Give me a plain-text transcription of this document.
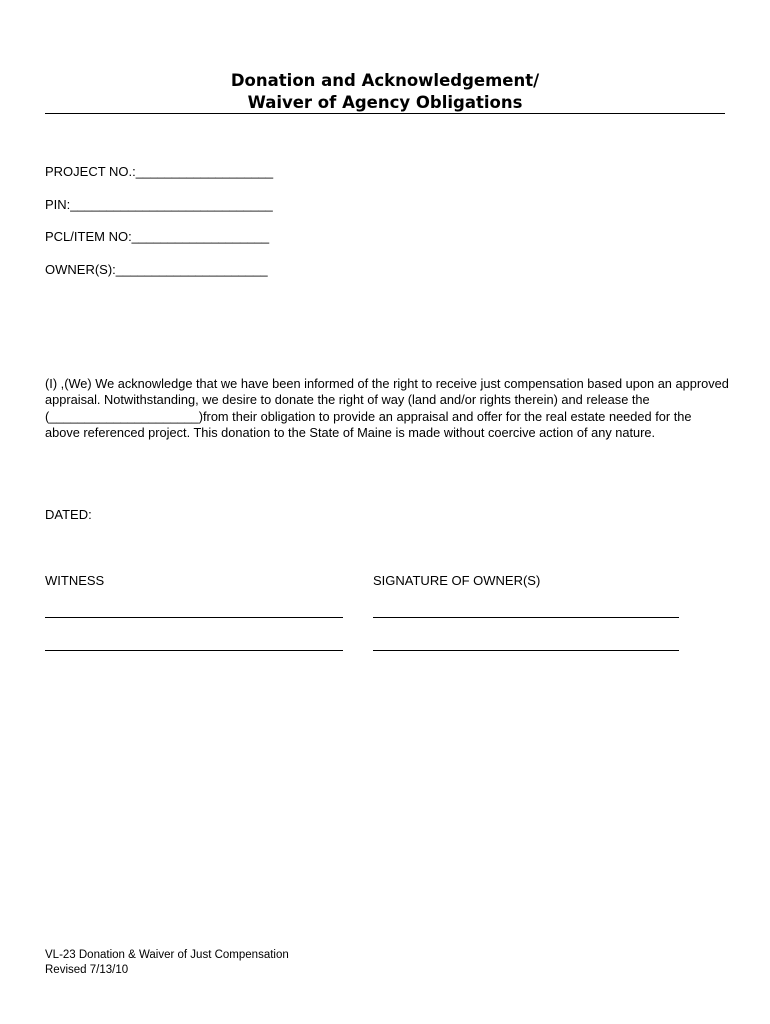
Donation and Acknowledgement/
Waiver of Agency Obligations
PROJECT NO.:___________________
PIN:____________________________
PCL/ITEM NO:___________________
OWNER(S):_____________________

(I) ,(We) We acknowledge that we have been informed of the right to receive just compensation based upon an approved appraisal. Notwithstanding, we desire to donate the right of way (land and/or rights therein) and release the (_____________________)from their obligation to provide an appraisal and offer for the real estate needed for the above referenced project. This donation to the State of Maine is made without coercive action of any nature.

DATED:
WITNESS	SIGNATURE OF OWNER(S)
VL-23 Donation & Waiver of Just Compensation
Revised 7/13/10
